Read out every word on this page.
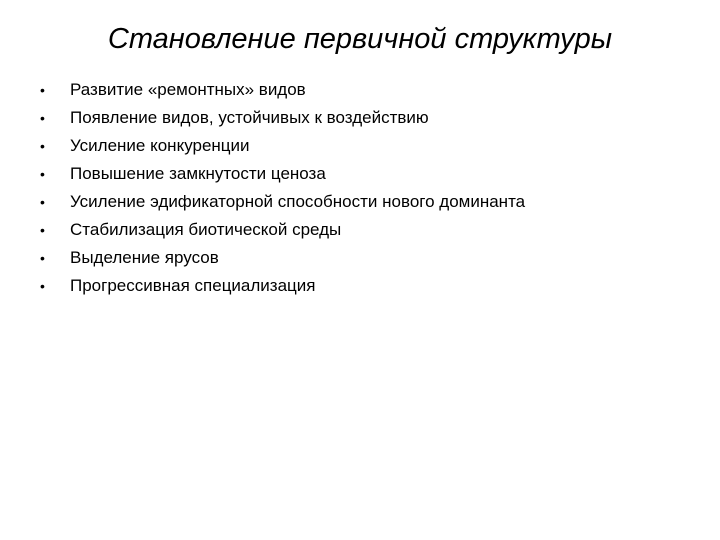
Становление первичной структуры
•	Развитие «ремонтных» видов
•	Появление видов, устойчивых к воздействию
•	Усиление конкуренции
•	Повышение замкнутости ценоза
•	Усиление эдификаторной способности нового доминанта
•	Стабилизация биотической среды
•	Выделение ярусов
•	Прогрессивная специализация
